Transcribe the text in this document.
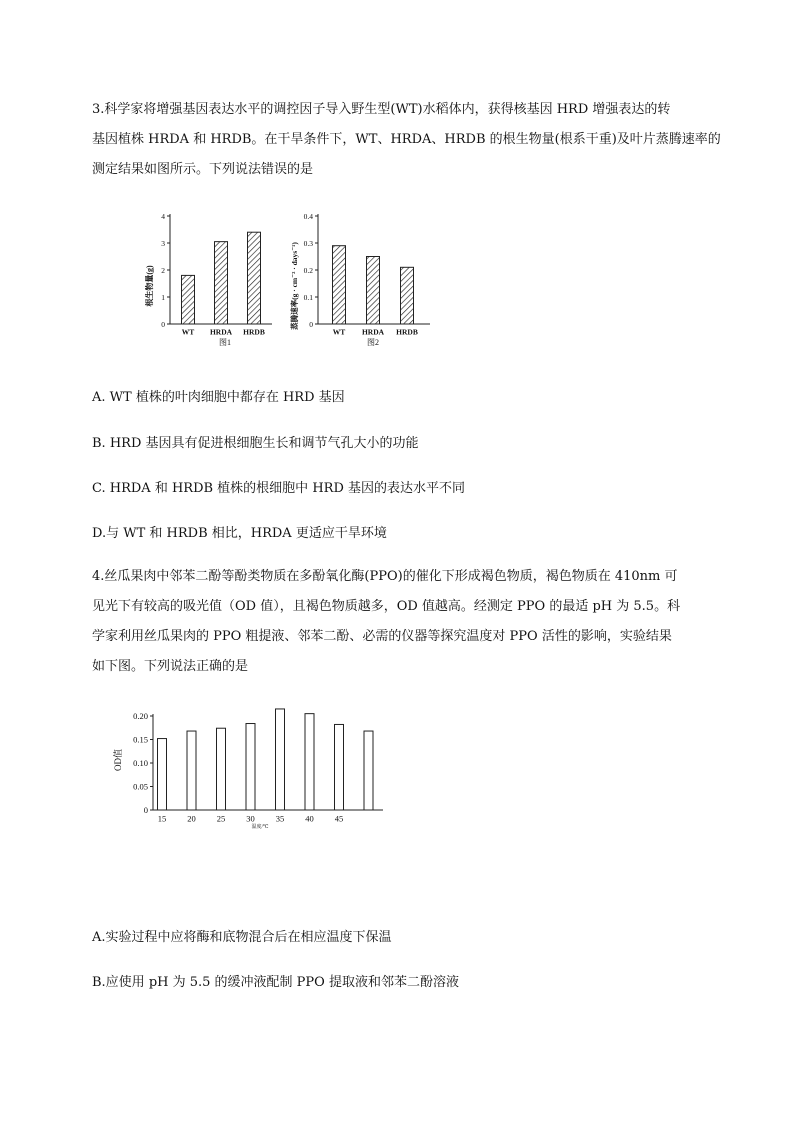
3.科学家将增强基因表达水平的调控因子导入野生型(WT)水稻体内，获得核基因 HRD 增强表达的转
基因植株 HRDA 和 HRDB。在干旱条件下，WT、HRDA、HRDB 的根生物量(根系干重)及叶片蒸腾速率的
测定结果如图所示。下列说法错误的是
根生物量(g)
图1
0
1
2
3
4
WT HRDA HRDB
蒸腾速率(g · cm⁻² · days⁻¹)
图2
0
0.1
0.2
0.3
0.4
WT HRDA HRDB
A. WT 植株的叶肉细胞中都存在 HRD 基因
B. HRD 基因具有促进根细胞生长和调节气孔大小的功能
C. HRDA 和 HRDB 植株的根细胞中 HRD 基因的表达水平不同
D.与 WT 和 HRDB 相比，HRDA 更适应干旱环境
4.丝瓜果肉中邻苯二酚等酚类物质在多酚氧化酶(PPO)的催化下形成褐色物质，褐色物质在 410nm 可
见光下有较高的吸光值（OD 值），且褐色物质越多，OD 值越高。经测定 PPO 的最适 pH 为 5.5。科
学家利用丝瓜果肉的 PPO 粗提液、邻苯二酚、必需的仪器等探究温度对 PPO 活性的影响，实验结果
如下图。下列说法正确的是
OD值
温度/℃
0
0.05
0.10
0.15
0.20
15 20 25 30 35 40 45
A.实验过程中应将酶和底物混合后在相应温度下保温
B.应使用 pH 为 5.5 的缓冲液配制 PPO 提取液和邻苯二酚溶液
